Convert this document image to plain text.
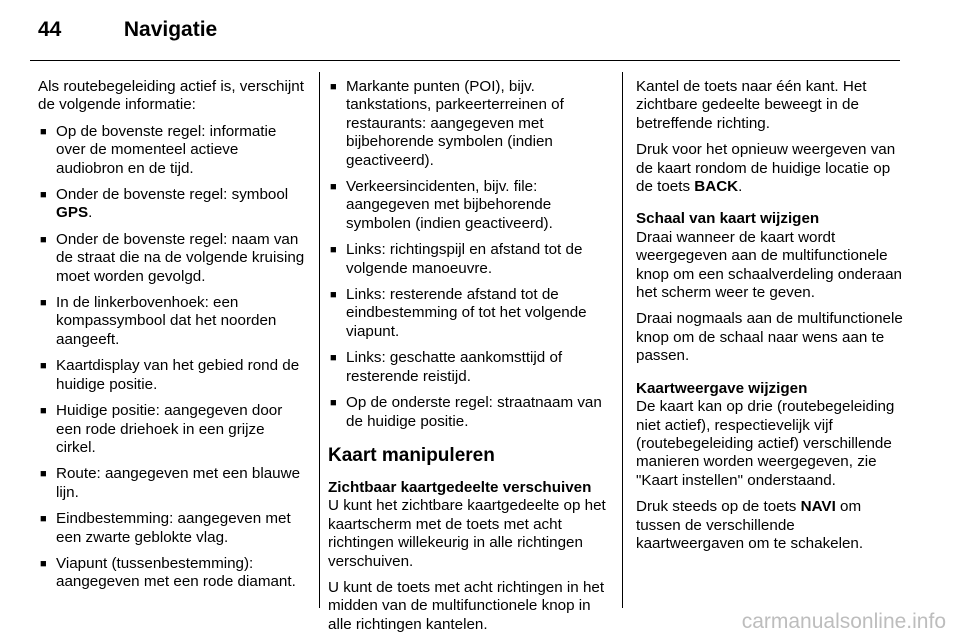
44	Navigatie

Als routebegeleiding actief is, verschijnt de volgende informatie:

■ Op de bovenste regel: informatie over de momenteel actieve audiobron en de tijd.
■ Onder de bovenste regel: symbool GPS.
■ Onder de bovenste regel: naam van de straat die na de volgende kruising moet worden gevolgd.
■ In de linkerbovenhoek: een kompassymbool dat het noorden aangeeft.
■ Kaartdisplay van het gebied rond de huidige positie.
■ Huidige positie: aangegeven door een rode driehoek in een grijze cirkel.
■ Route: aangegeven met een blauwe lijn.
■ Eindbestemming: aangegeven met een zwarte geblokte vlag.
■ Viapunt (tussenbestemming): aangegeven met een rode diamant.
■ Markante punten (POI), bijv. tankstations, parkeerterreinen of restaurants: aangegeven met bijbehorende symbolen (indien geactiveerd).
■ Verkeersincidenten, bijv. file: aangegeven met bijbehorende symbolen (indien geactiveerd).
■ Links: richtingspijl en afstand tot de volgende manoeuvre.
■ Links: resterende afstand tot de eindbestemming of tot het volgende viapunt.
■ Links: geschatte aankomsttijd of resterende reistijd.
■ Op de onderste regel: straatnaam van de huidige positie.
Kaart manipuleren

Zichtbaar kaartgedeelte verschuiven

U kunt het zichtbare kaartgedeelte op het kaartscherm met de toets met acht richtingen willekeurig in alle richtingen verschuiven.

U kunt de toets met acht richtingen in het midden van de multifunctionele knop in alle richtingen kantelen.

Kantel de toets naar één kant. Het zichtbare gedeelte beweegt in de betreffende richting.

Druk voor het opnieuw weergeven van de kaart rondom de huidige locatie op de toets BACK.

Schaal van kaart wijzigen

Draai wanneer de kaart wordt weergegeven aan de multifunctionele knop om een schaalverdeling onderaan het scherm weer te geven.

Draai nogmaals aan de multifunctionele knop om de schaal naar wens aan te passen.

Kaartweergave wijzigen

De kaart kan op drie (routebegeleiding niet actief), respectievelijk vijf (routebegeleiding actief) verschillende manieren worden weergegeven, zie "Kaart instellen" onderstaand.

Druk steeds op de toets NAVI om tussen de verschillende kaartweergaven om te schakelen.

carmanualsonline.info
